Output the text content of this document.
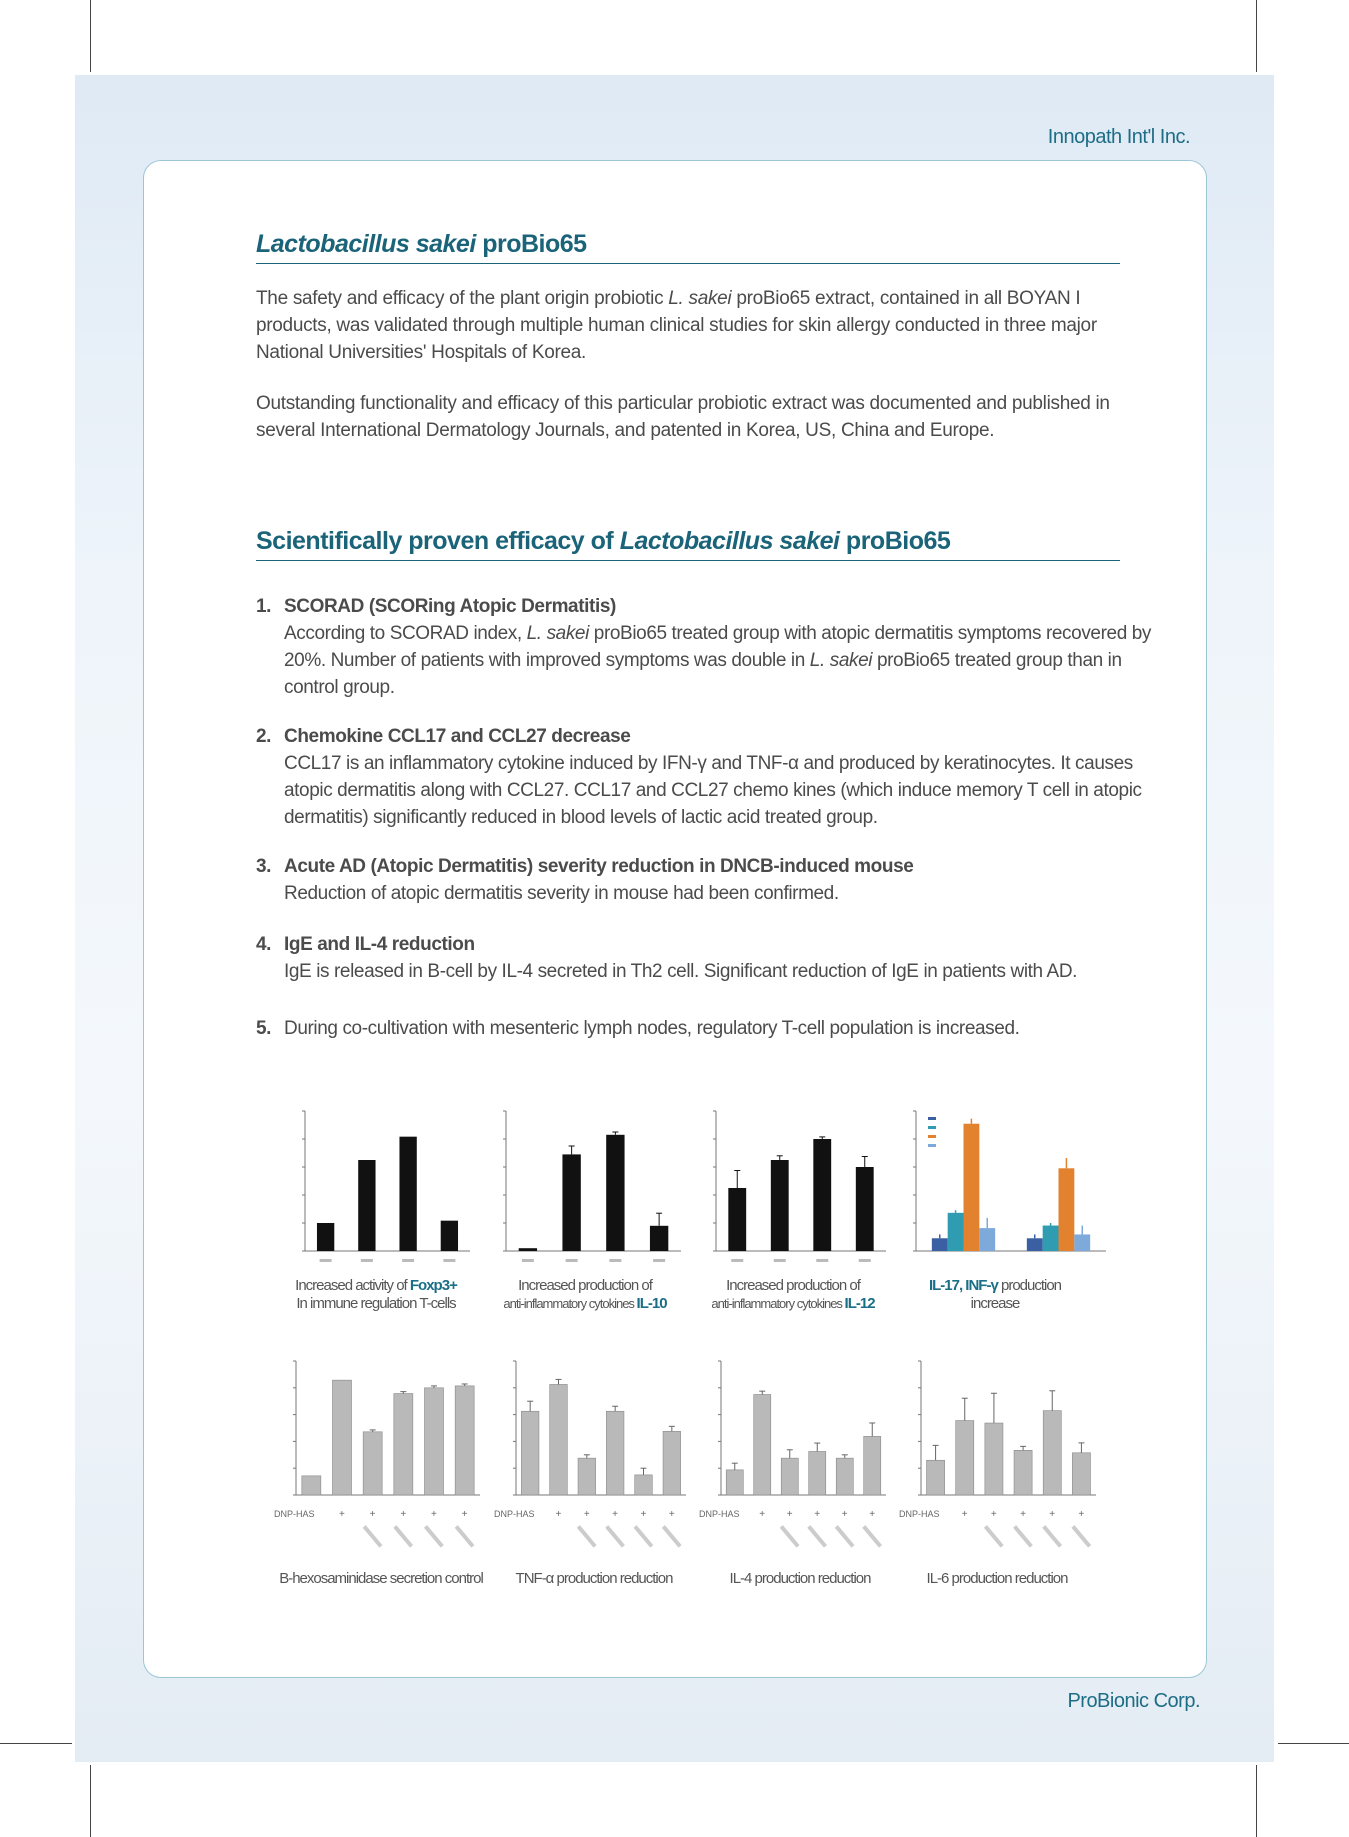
Innopath Int'l Inc.
ProBionic Corp.
Lactobacillus sakei proBio65

The safety and efficacy of the plant origin probiotic L. sakei proBio65 extract, contained in all BOYAN I products, was validated through multiple human clinical studies for skin allergy conducted in three major National Universities' Hospitals of Korea.

Outstanding functionality and efficacy of this particular probiotic extract was documented and published in several International Dermatology Journals, and patented in Korea, US, China and Europe.

Scientifically proven efficacy of Lactobacillus sakei proBio65
1. SCORAD (SCORing Atopic Dermatitis)
According to SCORAD index, L. sakei proBio65 treated group with atopic dermatitis symptoms recovered by 20%. Number of patients with improved symptoms was double in L. sakei proBio65 treated group than in control group.
2. Chemokine CCL17 and CCL27 decrease
CCL17 is an inflammatory cytokine induced by IFN-γ and TNF-α and produced by keratinocytes. It causes atopic dermatitis along with CCL27. CCL17 and CCL27 chemo kines (which induce memory T cell in atopic dermatitis) significantly reduced in blood levels of lactic acid treated group.
3. Acute AD (Atopic Dermatitis) severity reduction in DNCB-induced mouse
Reduction of atopic dermatitis severity in mouse had been confirmed.
4. IgE and IL-4 reduction
IgE is released in B-cell by IL-4 secreted in Th2 cell. Significant reduction of IgE in patients with AD.
5. During co-cultivation with mesenteric lymph nodes, regulatory T-cell population is increased.
DNP-HAS + + + + +	DNP-HAS + + + + +	DNP-HAS + + + + +	DNP-HAS + + + + +
Increased activity of Foxp3+
In immune regulation T-cells
Increased production of
anti-inflammatory cytokines IL-10
Increased production of
anti-inflammatory cytokines IL-12
IL-17, INF-γ production
increase
B-hexosaminidase secretion control	TNF-α production reduction	IL-4 production reduction	IL-6 production reduction
